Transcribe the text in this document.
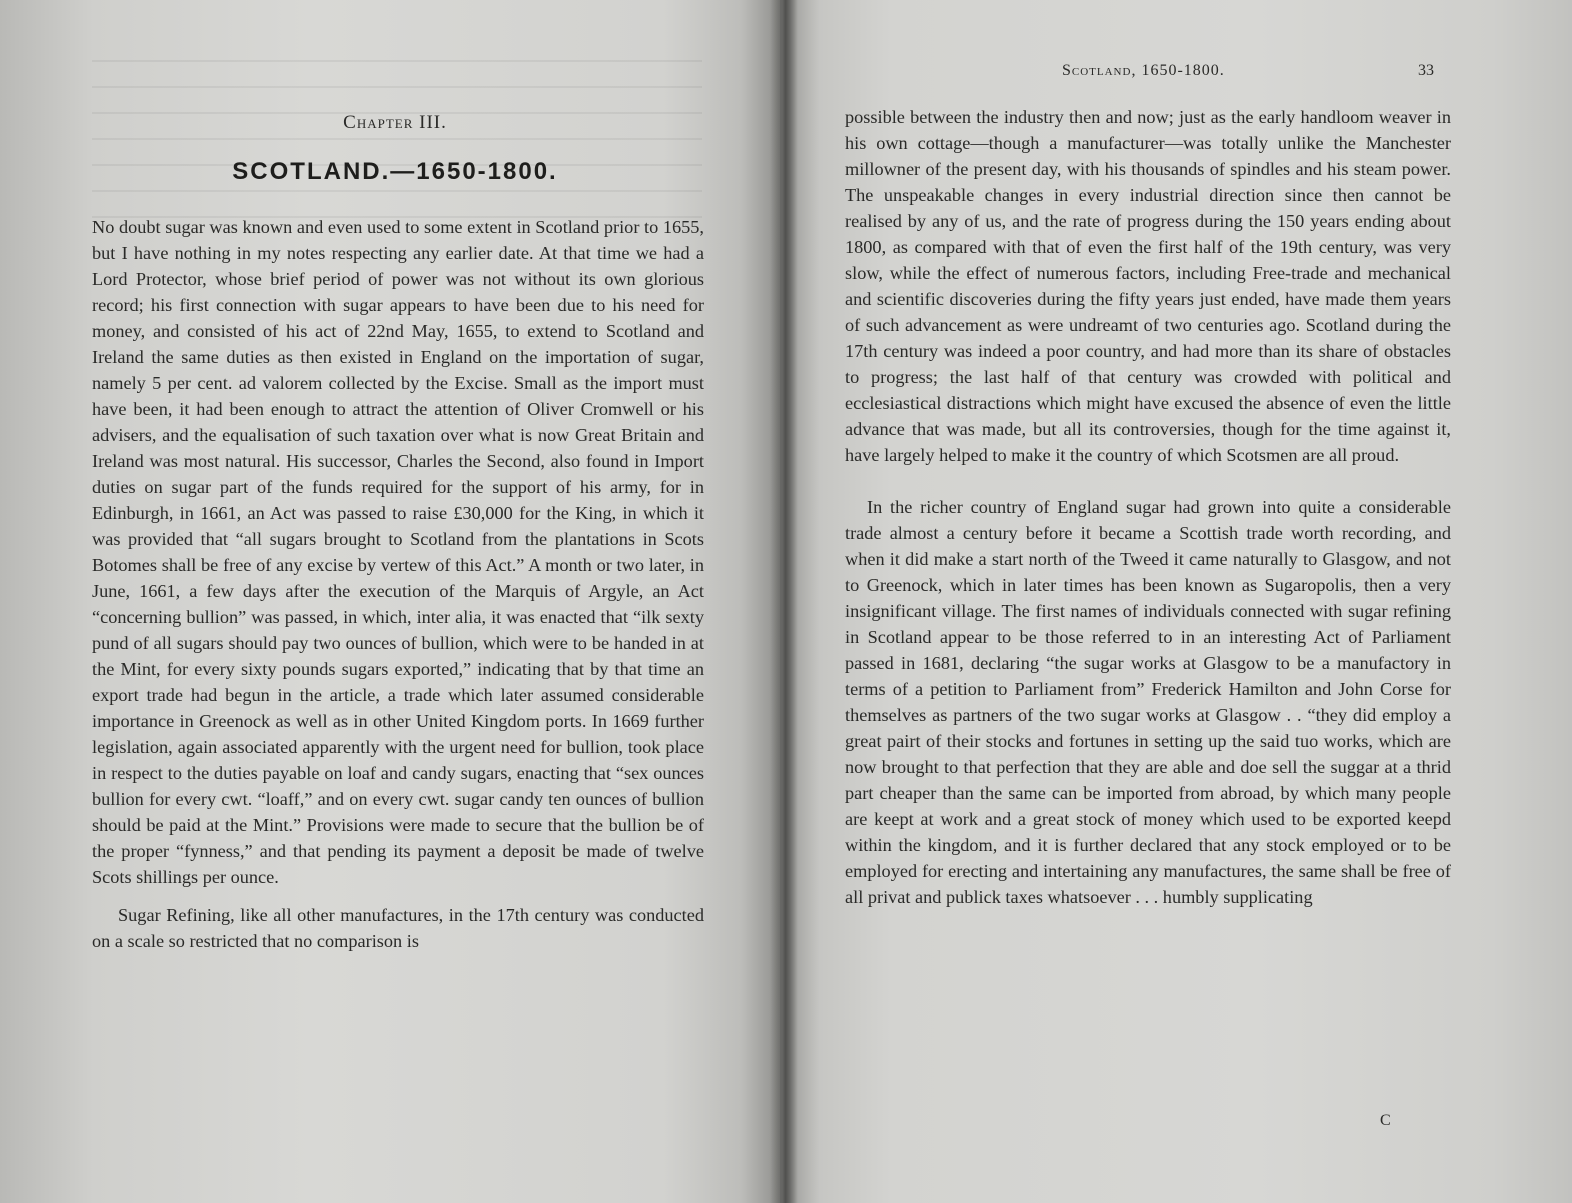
Chapter III.
SCOTLAND.—1650-1800.

No doubt sugar was known and even used to some extent in Scotland prior to 1655, but I have nothing in my notes respecting any earlier date. At that time we had a Lord Protector, whose brief period of power was not without its own glorious record; his first connection with sugar appears to have been due to his need for money, and consisted of his act of 22nd May, 1655, to extend to Scotland and Ireland the same duties as then existed in England on the importation of sugar, namely 5 per cent. ad valorem collected by the Excise. Small as the import must have been, it had been enough to attract the attention of Oliver Cromwell or his advisers, and the equalisation of such taxation over what is now Great Britain and Ireland was most natural. His successor, Charles the Second, also found in Import duties on sugar part of the funds required for the support of his army, for in Edinburgh, in 1661, an Act was passed to raise £30,000 for the King, in which it was provided that “all sugars brought to Scotland from the plantations in Scots Botomes shall be free of any excise by vertew of this Act.” A month or two later, in June, 1661, a few days after the execution of the Marquis of Argyle, an Act “concerning bullion” was passed, in which, inter alia, it was enacted that “ilk sexty pund of all sugars should pay two ounces of bullion, which were to be handed in at the Mint, for every sixty pounds sugars exported,” indicating that by that time an export trade had begun in the article, a trade which later assumed considerable importance in Greenock as well as in other United Kingdom ports. In 1669 further legislation, again associated apparently with the urgent need for bullion, took place in respect to the duties payable on loaf and candy sugars, enacting that “sex ounces bullion for every cwt. “loaff,” and on every cwt. sugar candy ten ounces of bullion should be paid at the Mint.” Provisions were made to secure that the bullion be of the proper “fynness,” and that pending its payment a deposit be made of twelve Scots shillings per ounce.

Sugar Refining, like all other manufactures, in the 17th century was conducted on a scale so restricted that no comparison is

Scotland, 1650-1800.	33

possible between the industry then and now; just as the early handloom weaver in his own cottage—though a manufacturer—was totally unlike the Manchester millowner of the present day, with his thousands of spindles and his steam power. The unspeakable changes in every industrial direction since then cannot be realised by any of us, and the rate of progress during the 150 years ending about 1800, as compared with that of even the first half of the 19th century, was very slow, while the effect of numerous factors, including Free-trade and mechanical and scientific discoveries during the fifty years just ended, have made them years of such advancement as were undreamt of two centuries ago. Scotland during the 17th century was indeed a poor country, and had more than its share of obstacles to progress; the last half of that century was crowded with political and ecclesiastical distractions which might have excused the absence of even the little advance that was made, but all its controversies, though for the time against it, have largely helped to make it the country of which Scotsmen are all proud.

In the richer country of England sugar had grown into quite a considerable trade almost a century before it became a Scottish trade worth recording, and when it did make a start north of the Tweed it came naturally to Glasgow, and not to Greenock, which in later times has been known as Sugaropolis, then a very insignificant village. The first names of individuals connected with sugar refining in Scotland appear to be those referred to in an interesting Act of Parliament passed in 1681, declaring “the sugar works at Glasgow to be a manufactory in terms of a petition to Parliament from” Frederick Hamilton and John Corse for themselves as partners of the two sugar works at Glasgow . . “they did employ a great pairt of their stocks and fortunes in setting up the said tuo works, which are now brought to that perfection that they are able and doe sell the suggar at a thrid part cheaper than the same can be imported from abroad, by which many people are keept at work and a great stock of money which used to be exported keepd within the kingdom, and it is further declared that any stock employed or to be employed for erecting and intertaining any manufactures, the same shall be free of all privat and publick taxes whatsoever . . . humbly supplicating

C
